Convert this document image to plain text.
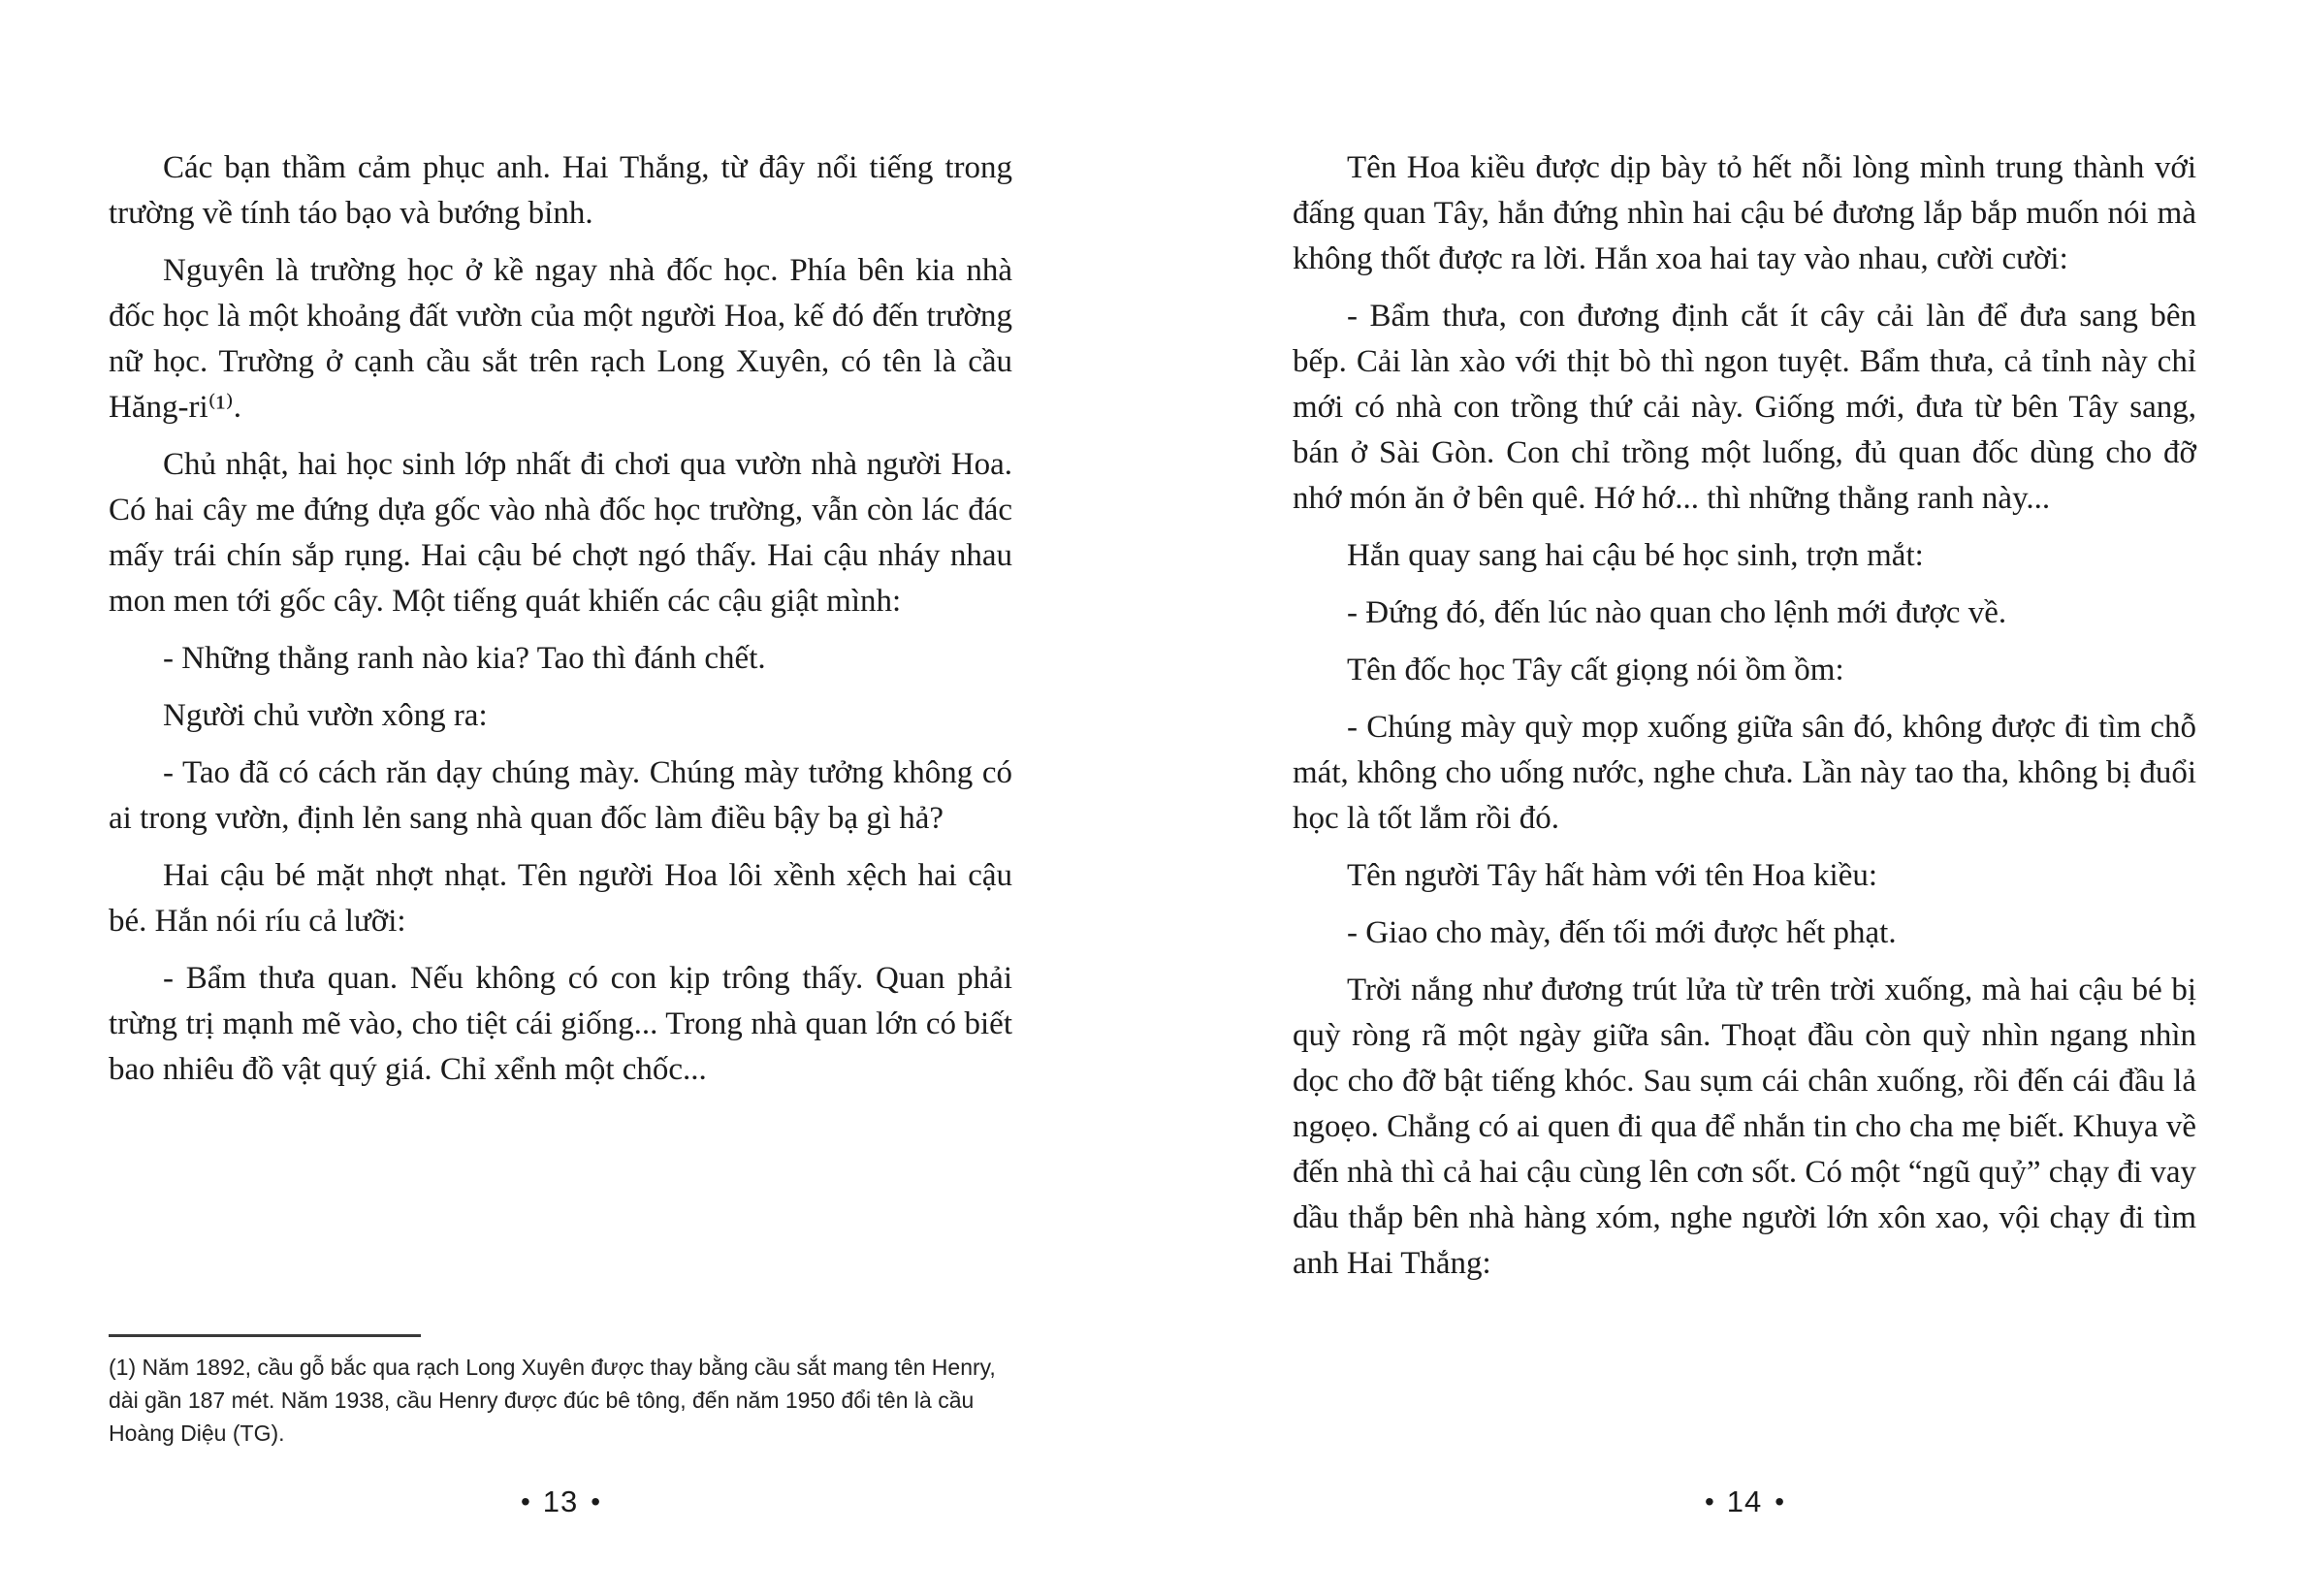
Các bạn thầm cảm phục anh. Hai Thắng, từ đây nổi tiếng trong trường về tính táo bạo và bướng bỉnh.

Nguyên là trường học ở kề ngay nhà đốc học. Phía bên kia nhà đốc học là một khoảng đất vườn của một người Hoa, kế đó đến trường nữ học. Trường ở cạnh cầu sắt trên rạch Long Xuyên, có tên là cầu Hăng-ri⁽¹⁾.

Chủ nhật, hai học sinh lớp nhất đi chơi qua vườn nhà người Hoa. Có hai cây me đứng dựa gốc vào nhà đốc học trường, vẫn còn lác đác mấy trái chín sắp rụng. Hai cậu bé chợt ngó thấy. Hai cậu nháy nhau mon men tới gốc cây. Một tiếng quát khiến các cậu giật mình:

- Những thằng ranh nào kia? Tao thì đánh chết.

Người chủ vườn xông ra:

- Tao đã có cách răn dạy chúng mày. Chúng mày tưởng không có ai trong vườn, định lẻn sang nhà quan đốc làm điều bậy bạ gì hả?

Hai cậu bé mặt nhợt nhạt. Tên người Hoa lôi xềnh xệch hai cậu bé. Hắn nói ríu cả lưỡi:

- Bẩm thưa quan. Nếu không có con kịp trông thấy. Quan phải trừng trị mạnh mẽ vào, cho tiệt cái giống... Trong nhà quan lớn có biết bao nhiêu đồ vật quý giá. Chỉ xểnh một chốc...

(1) Năm 1892, cầu gỗ bắc qua rạch Long Xuyên được thay bằng cầu sắt mang tên Henry, dài gần 187 mét. Năm 1938, cầu Henry được đúc bê tông, đến năm 1950 đổi tên là cầu Hoàng Diệu (TG).

• 13 •

Tên Hoa kiều được dịp bày tỏ hết nỗi lòng mình trung thành với đấng quan Tây, hắn đứng nhìn hai cậu bé đương lắp bắp muốn nói mà không thốt được ra lời. Hắn xoa hai tay vào nhau, cười cười:

- Bẩm thưa, con đương định cắt ít cây cải làn để đưa sang bên bếp. Cải làn xào với thịt bò thì ngon tuyệt. Bẩm thưa, cả tỉnh này chỉ mới có nhà con trồng thứ cải này. Giống mới, đưa từ bên Tây sang, bán ở Sài Gòn. Con chỉ trồng một luống, đủ quan đốc dùng cho đỡ nhớ món ăn ở bên quê. Hớ hớ... thì những thằng ranh này...

Hắn quay sang hai cậu bé học sinh, trợn mắt:

- Đứng đó, đến lúc nào quan cho lệnh mới được về.

Tên đốc học Tây cất giọng nói ồm ồm:

- Chúng mày quỳ mọp xuống giữa sân đó, không được đi tìm chỗ mát, không cho uống nước, nghe chưa. Lần này tao tha, không bị đuổi học là tốt lắm rồi đó.

Tên người Tây hất hàm với tên Hoa kiều:

- Giao cho mày, đến tối mới được hết phạt.

Trời nắng như đương trút lửa từ trên trời xuống, mà hai cậu bé bị quỳ ròng rã một ngày giữa sân. Thoạt đầu còn quỳ nhìn ngang nhìn dọc cho đỡ bật tiếng khóc. Sau sụm cái chân xuống, rồi đến cái đầu lả ngoẹo. Chẳng có ai quen đi qua để nhắn tin cho cha mẹ biết. Khuya về đến nhà thì cả hai cậu cùng lên cơn sốt. Có một “ngũ quỷ” chạy đi vay dầu thắp bên nhà hàng xóm, nghe người lớn xôn xao, vội chạy đi tìm anh Hai Thắng:

• 14 •
